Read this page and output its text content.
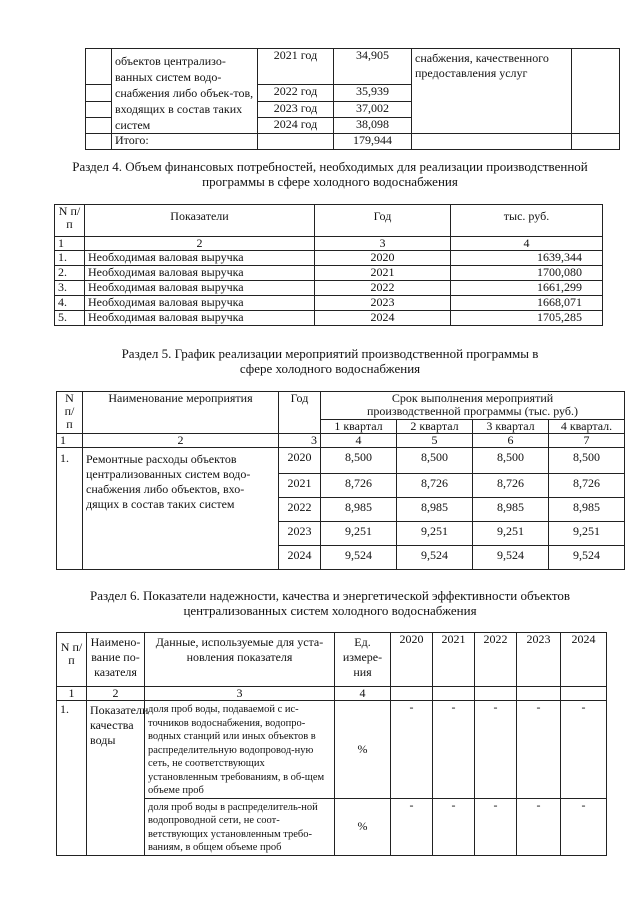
	объектов централизо-ванных систем водо-снабжения либо объек-тов, входящих в состав таких систем	2021 год	34,905	снабжения, качественного предоставления услуг	
		2022 год	35,939		
		2023 год	37,002		
		2024 год	38,098		
	Итого:		179,944		
Раздел 4. Объем финансовых потребностей, необходимых для реализации производственной программы в сфере холодного водоснабжения
N п/п	Показатели	Год	тыс. руб.
1	2	3	4
1.	Необходимая валовая выручка	2020	1639,344
2.	Необходимая валовая выручка	2021	1700,080
3.	Необходимая валовая выручка	2022	1661,299
4.	Необходимая валовая выручка	2023	1668,071
5.	Необходимая валовая выручка	2024	1705,285
Раздел 5. График реализации мероприятий производственной программы в сфере холодного водоснабжения
N п/ п	Наименование мероприятия	Год	Срок выполнения мероприятий производственной программы (тыс. руб.)			
			1 квартал	2 квартал	3 квартал	4 квартал.
1	2	3	4	5	6	7
1.	Ремонтные расходы объектов централизованных систем водо-снабжения либо объектов, вхо-дящих в состав таких систем	2020	8,500	8,500	8,500	8,500
		2021	8,726	8,726	8,726	8,726
		2022	8,985	8,985	8,985	8,985
		2023	9,251	9,251	9,251	9,251
		2024	9,524	9,524	9,524	9,524
Раздел 6. Показатели надежности, качества и энергетической эффективности объектов централизованных систем холодного водоснабжения
N п/п	Наимено-вание по-казателя	Данные, используемые для уста-новления показателя	Ед. измере-ния	2020	2021	2022	2023	2024
1	2	3	4					
1.	Показатели качества воды	доля проб воды, подаваемой с ис-точников водоснабжения, водопро-водных станций или иных объектов в распределительную водопровод-ную сеть, не соответствующих установленным требованиям, в об-щем объеме проб	%	-	-	-	-	-
		доля проб воды в распределитель-ной водопроводной сети, не соот-ветствующих установленным требо-ваниям, в общем объеме проб	%	-	-	-	-	-
